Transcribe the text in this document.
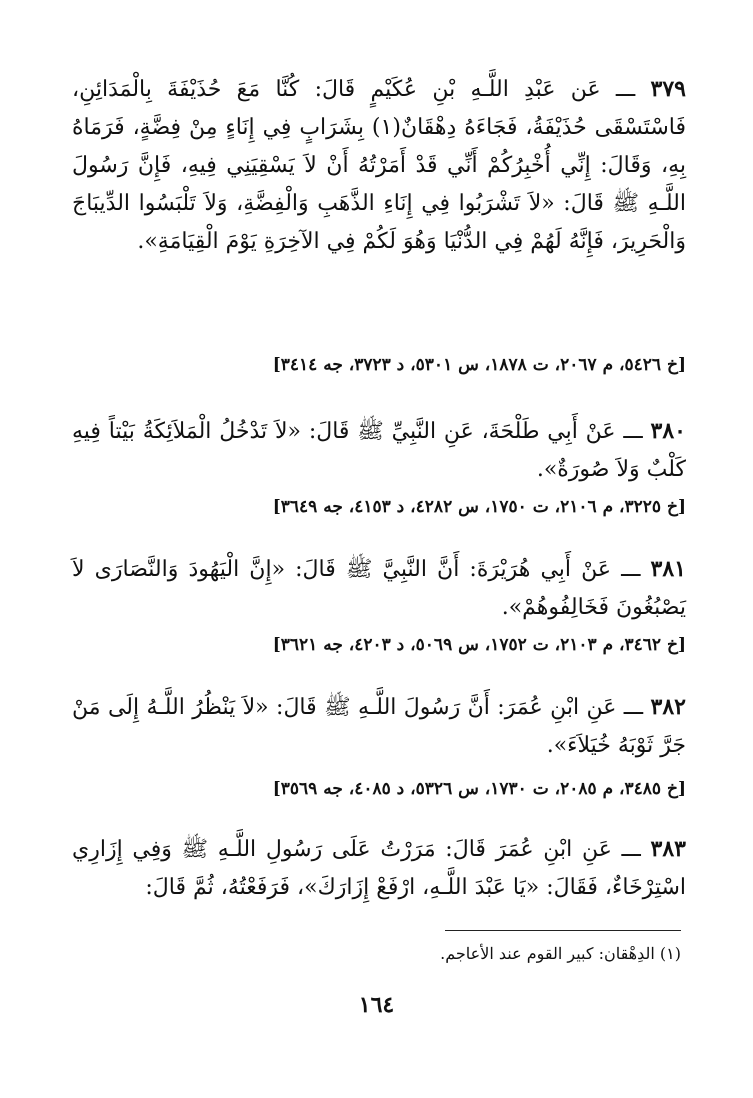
٣٧٩ ـــ عَن عَبْدِ اللَّـهِ بْنِ عُكَيْمٍ قَالَ: كُنَّا مَعَ حُذَيْفَةَ بِالْمَدَائِنِ، فَاسْتَسْقَى حُذَيْفَةُ، فَجَاءَهُ دِهْقَانٌ(١) بِشَرَابٍ فِي إِنَاءٍ مِنْ فِضَّةٍ، فَرَمَاهُ بِهِ، وَقَالَ: إِنِّي أُخْبِرُكُمْ أَنِّي قَدْ أَمَرْتُهُ أَنْ لاَ يَسْقِيَنِي فِيهِ، فَإِنَّ رَسُولَ اللَّـهِ ﷺ قَالَ: «لاَ تَشْرَبُوا فِي إِنَاءِ الذَّهَبِ وَالْفِضَّةِ، وَلاَ تَلْبَسُوا الدِّيبَاجَ وَالْحَرِيرَ، فَإِنَّهُ لَهُمْ فِي الدُّنْيَا وَهُوَ لَكُمْ فِي الآخِرَةِ يَوْمَ الْقِيَامَةِ».

[خ ٥٤٢٦، م ٢٠٦٧، ت ١٨٧٨، س ٥٣٠١، د ٣٧٢٣، جه ٣٤١٤]

٣٨٠ ـــ عَنْ أَبِي طَلْحَةَ، عَنِ النَّبِيِّ ﷺ قَالَ: «لاَ تَدْخُلُ الْمَلاَئِكَةُ بَيْتاً فِيهِ كَلْبٌ وَلاَ صُورَةٌ».

[خ ٣٢٢٥، م ٢١٠٦، ت ١٧٥٠، س ٤٢٨٢، د ٤١٥٣، جه ٣٦٤٩]

٣٨١ ـــ عَنْ أَبِي هُرَيْرَةَ: أَنَّ النَّبِيَّ ﷺ قَالَ: «إِنَّ الْيَهُودَ وَالنَّصَارَى لاَ يَصْبُغُونَ فَخَالِفُوهُمْ».

[خ ٣٤٦٢، م ٢١٠٣، ت ١٧٥٢، س ٥٠٦٩، د ٤٢٠٣، جه ٣٦٢١]

٣٨٢ ـــ عَنِ ابْنِ عُمَرَ: أَنَّ رَسُولَ اللَّـهِ ﷺ قَالَ: «لاَ يَنْظُرُ اللَّـهُ إِلَى مَنْ جَرَّ ثَوْبَهُ خُيَلاَءَ».

[خ ٣٤٨٥، م ٢٠٨٥، ت ١٧٣٠، س ٥٣٢٦، د ٤٠٨٥، جه ٣٥٦٩]

٣٨٣ ـــ عَنِ ابْنِ عُمَرَ قَالَ: مَرَرْتُ عَلَى رَسُولِ اللَّـهِ ﷺ وَفِي إِزَارِي اسْتِرْخَاءٌ، فَقَالَ: «يَا عَبْدَ اللَّـهِ، ارْفَعْ إِزَارَكَ»، فَرَفَعْتُهُ، ثُمَّ قَالَ:

(١) الدِهْقان: كبير القوم عند الأعاجم.
١٦٤
